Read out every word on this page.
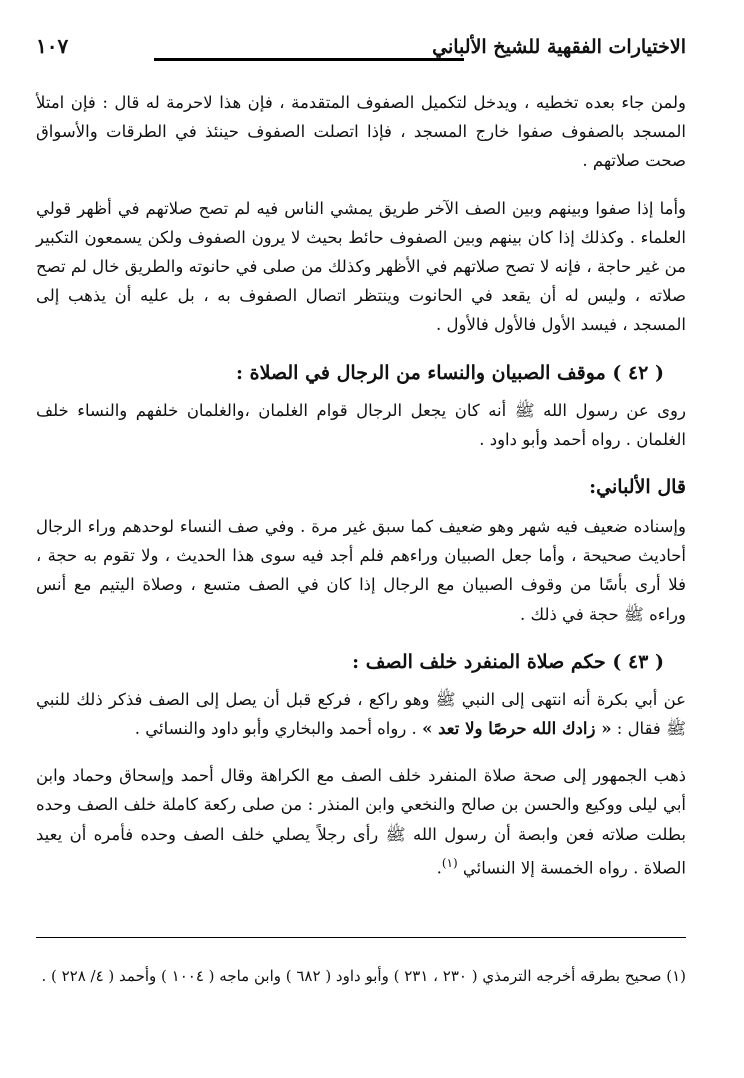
الاختيارات الفقهية للشيخ الألباني
١٠٧

ولمن جاء بعده تخطيه ، ويدخل لتكميل الصفوف المتقدمة ، فإن هذا لاحرمة له قال : فإن امتلأ المسجد بالصفوف صفوا خارج المسجد ، فإذا اتصلت الصفوف حينئذ في الطرقات والأسواق صحت صلاتهم .

وأما إذا صفوا وبينهم وبين الصف الآخر طريق يمشي الناس فيه لم تصح صلاتهم في أظهر قولي العلماء . وكذلك إذا كان بينهم وبين الصفوف حائط بحيث لا يرون الصفوف ولكن يسمعون التكبير من غير حاجة ، فإنه لا تصح صلاتهم في الأظهر وكذلك من صلى في حانوته والطريق خال لم تصح صلاته ، وليس له أن يقعد في الحانوت وينتظر اتصال الصفوف به ، بل عليه أن يذهب إلى المسجد ، فيسد الأول فالأول فالأول .

( ٤٢ ) موقف الصبيان والنساء من الرجال في الصلاة :

روى عن رسول الله ﷺ أنه كان يجعل الرجال قوام الغلمان ،والغلمان خلفهم والنساء خلف الغلمان . رواه أحمد وأبو داود .

قال الألباني:

وإسناده ضعيف فيه شهر وهو ضعيف كما سبق غير مرة . وفي صف النساء لوحدهم وراء الرجال أحاديث صحيحة ، وأما جعل الصبيان وراءهم فلم أجد فيه سوى هذا الحديث ، ولا تقوم به حجة ، فلا أرى بأسًا من وقوف الصبيان مع الرجال إذا كان في الصف متسع ، وصلاة اليتيم مع أنس وراءه ﷺ حجة في ذلك .

( ٤٣ ) حكم صلاة المنفرد خلف الصف :

عن أبي بكرة أنه انتهى إلى النبي ﷺ وهو راكع ، فركع قبل أن يصل إلى الصف فذكر ذلك للنبي ﷺ فقال : « زادك الله حرصًا ولا تعد » . رواه أحمد والبخاري وأبو داود والنسائي .

ذهب الجمهور إلى صحة صلاة المنفرد خلف الصف مع الكراهة وقال أحمد وإسحاق وحماد وابن أبي ليلى ووكيع والحسن بن صالح والنخعي وابن المنذر : من صلى ركعة كاملة خلف الصف وحده بطلت صلاته فعن وابصة أن رسول الله ﷺ رأى رجلاً يصلي خلف الصف وحده فأمره أن يعيد الصلاة . رواه الخمسة إلا النسائي $^{(١)}$.

(١) صحيح بطرقه أخرجه الترمذي ( ٢٣٠ ، ٢٣١ ) وأبو داود ( ٦٨٢ ) وابن ماجه ( ١٠٠٤ ) وأحمد ( ٤/ ٢٢٨ ) .
